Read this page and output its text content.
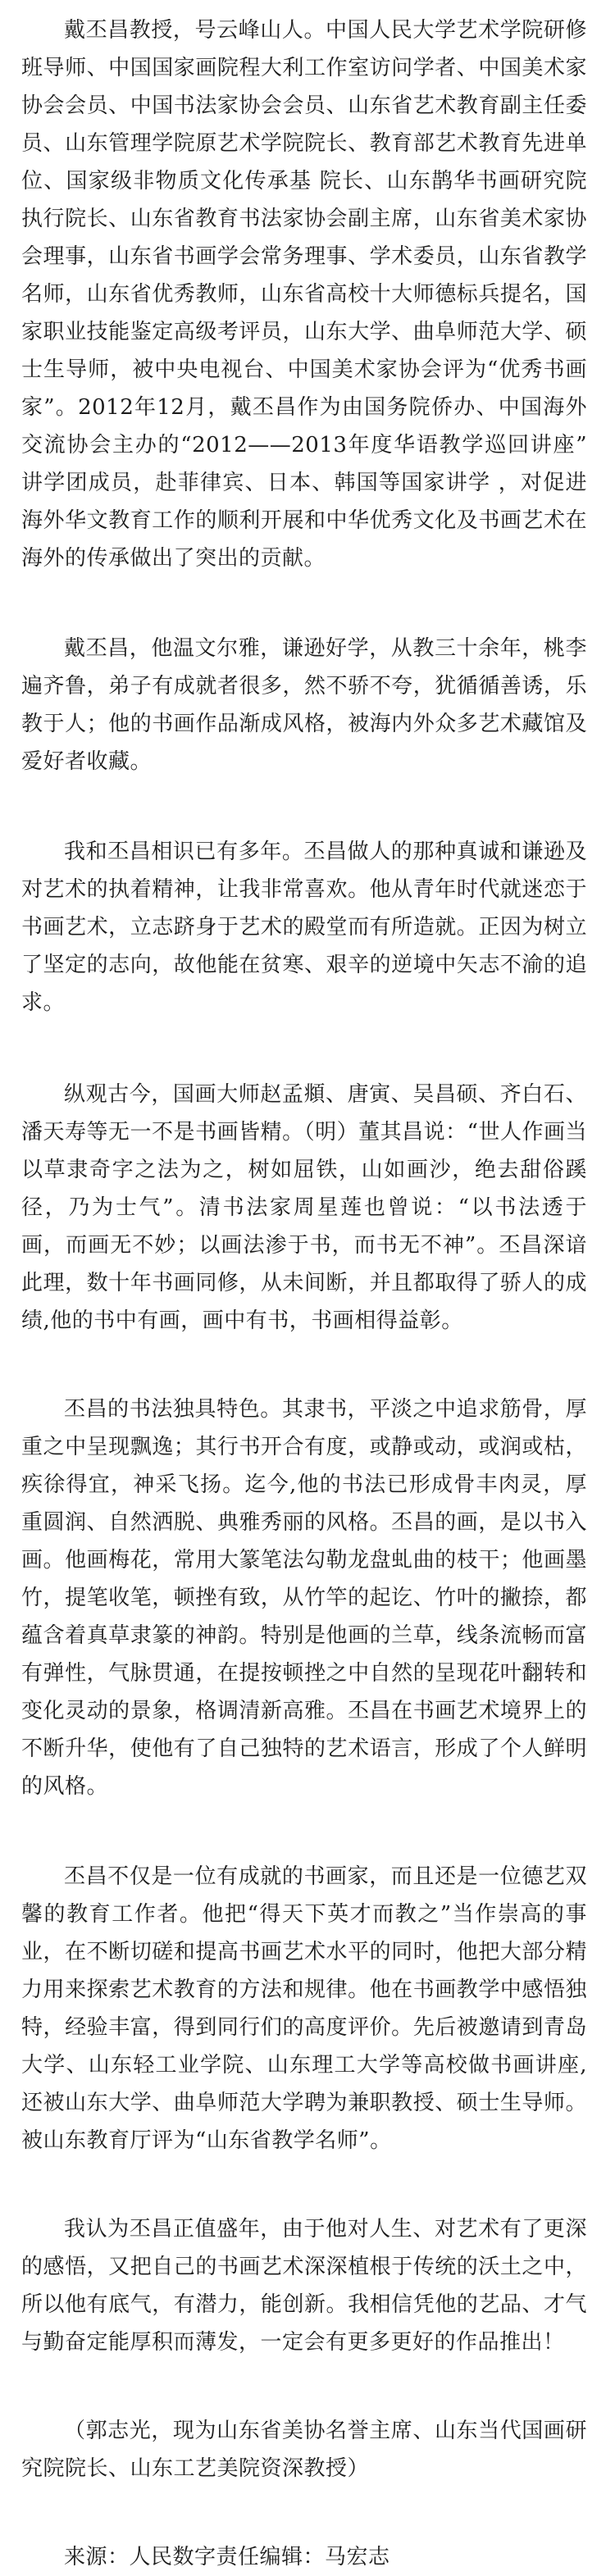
戴丕昌教授，号云峰山人。中国人民大学艺术学院研修班导师、中国国家画院程大利工作室访问学者、中国美术家协会会员、中国书法家协会会员、山东省艺术教育副主任委员、山东管理学院原艺术学院院长、教育部艺术教育先进单位、国家级非物质文化传承基 院长、山东鹊华书画研究院执行院长、山东省教育书法家协会副主席，山东省美术家协会理事，山东省书画学会常务理事、学术委员，山东省教学名师，山东省优秀教师，山东省高校十大师德标兵提名，国家职业技能鉴定高级考评员，山东大学、曲阜师范大学、硕士生导师，被中央电视台、中国美术家协会评为“优秀书画家”。2012年12月，戴丕昌作为由国务院侨办、中国海外交流协会主办的“2012——2013年度华语教学巡回讲座” 讲学团成员，赴菲律宾、日本、韩国等国家讲学 ，对促进海外华文教育工作的顺利开展和中华优秀文化及书画艺术在海外的传承做出了突出的贡献。

戴丕昌，他温文尔雅，谦逊好学，从教三十余年，桃李遍齐鲁，弟子有成就者很多，然不骄不夸，犹循循善诱，乐教于人；他的书画作品渐成风格，被海内外众多艺术藏馆及爱好者收藏。

我和丕昌相识已有多年。丕昌做人的那种真诚和谦逊及对艺术的执着精神，让我非常喜欢。他从青年时代就迷恋于书画艺术，立志跻身于艺术的殿堂而有所造就。正因为树立了坚定的志向，故他能在贫寒、艰辛的逆境中矢志不渝的追求。

纵观古今，国画大师赵孟頫、唐寅、吴昌硕、齐白石、潘天寿等无一不是书画皆精。（明）董其昌说：“世人作画当以草隶奇字之法为之，树如屈铁，山如画沙，绝去甜俗蹊径，乃为士气”。清书法家周星莲也曾说：“以书法透于画，而画无不妙；以画法渗于书，而书无不神”。丕昌深谙此理，数十年书画同修，从未间断，并且都取得了骄人的成绩,他的书中有画，画中有书，书画相得益彰。

丕昌的书法独具特色。其隶书，平淡之中追求筋骨，厚重之中呈现飘逸；其行书开合有度，或静或动，或润或枯，疾徐得宜，神采飞扬。迄今,他的书法已形成骨丰肉灵，厚重圆润、自然洒脱、典雅秀丽的风格。丕昌的画，是以书入画。他画梅花，常用大篆笔法勾勒龙盘虬曲的枝干；他画墨竹，提笔收笔，顿挫有致，从竹竿的起讫、竹叶的撇捺，都蕴含着真草隶篆的神韵。特别是他画的兰草，线条流畅而富有弹性，气脉贯通，在提按顿挫之中自然的呈现花叶翻转和变化灵动的景象，格调清新高雅。丕昌在书画艺术境界上的不断升华，使他有了自己独特的艺术语言，形成了个人鲜明的风格。

丕昌不仅是一位有成就的书画家，而且还是一位德艺双馨的教育工作者。他把“得天下英才而教之”当作崇高的事业，在不断切磋和提高书画艺术水平的同时，他把大部分精力用来探索艺术教育的方法和规律。他在书画教学中感悟独特，经验丰富，得到同行们的高度评价。先后被邀请到青岛大学、山东轻工业学院、山东理工大学等高校做书画讲座,还被山东大学、曲阜师范大学聘为兼职教授、硕士生导师。被山东教育厅评为“山东省教学名师”。

我认为丕昌正值盛年，由于他对人生、对艺术有了更深的感悟，又把自己的书画艺术深深植根于传统的沃土之中，所以他有底气，有潜力，能创新。我相信凭他的艺品、才气与勤奋定能厚积而薄发，一定会有更多更好的作品推出！

（郭志光，现为山东省美协名誉主席、山东当代国画研究院院长、山东工艺美院资深教授）

来源：人民数字责任编辑：马宏志
